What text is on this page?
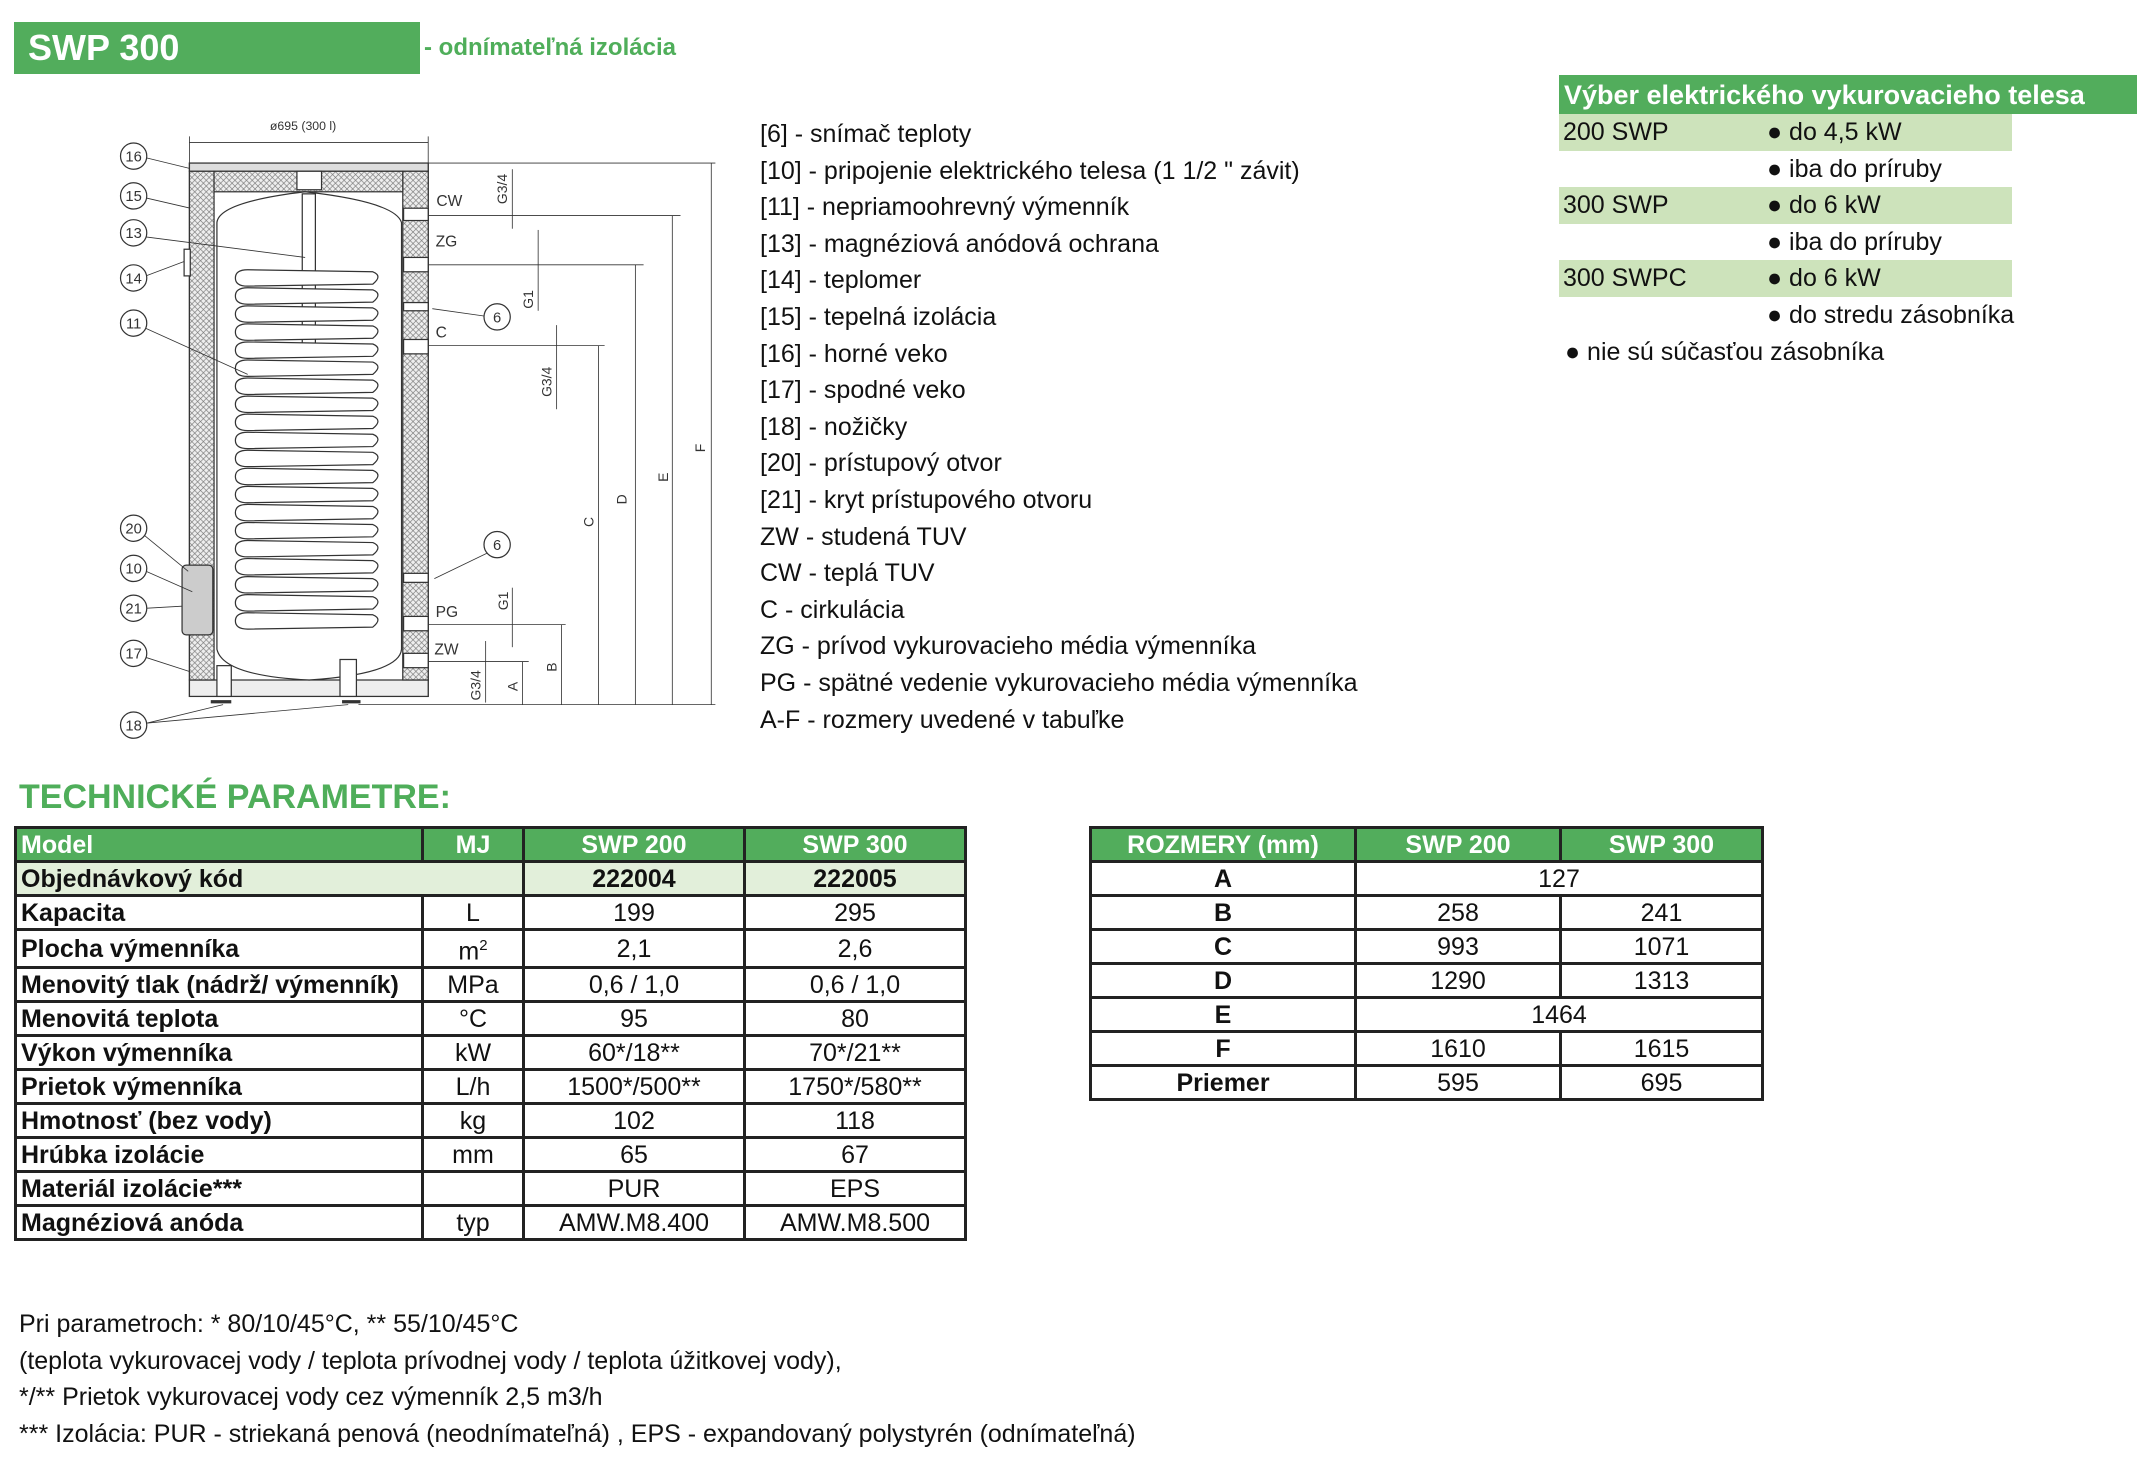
SWP 300	- odnímateľná izolácia
16
15
13
14
11
20
10
21
17
18
6
6
CW
ZG
C
PG
ZW
ø695 (300 l)
G3/4
G1
G3/4
G1
G3/4 A
B
C
D
E
F
[6] - snímač teploty
[10] - pripojenie elektrického telesa (1 1/2 " závit)
[11] - nepriamoohrevný výmenník
[13] - magnéziová anódová ochrana
[14] - teplomer
[15] - tepelná izolácia
[16] - horné veko
[17] - spodné veko
[18] - nožičky
[20] - prístupový otvor
[21] - kryt prístupového otvoru
ZW - studená TUV
CW - teplá TUV
C - cirkulácia
ZG - prívod vykurovacieho média výmenníka
PG - spätné vedenie vykurovacieho média výmenníka
A-F - rozmery uvedené v tabuľke
Výber elektrického vykurovacieho telesa
200 SWP	● do 4,5 kW
● iba do príruby
300 SWP	● do 6 kW
● iba do príruby
300 SWPC	● do 6 kW
● do stredu zásobníka
● nie sú súčasťou zásobníka
TECHNICKÉ PARAMETRE:
Model	MJ	SWP 200	SWP 300
Objednávkový kód		222004	222005
Kapacita	L	199	295
Plocha výmenníka	$m^2$	2,1	2,6
Menovitý tlak (nádrž/ výmenník)	MPa	0,6 / 1,0	0,6 / 1,0
Menovitá teplota	°C	95	80
Výkon výmenníka	kW	60*/18**	70*/21**
Prietok výmenníka	L/h	1500*/500**	1750*/580**
Hmotnosť (bez vody)	kg	102	118
Hrúbka izolácie	mm	65	67
Materiál izolácie***		PUR	EPS
Magnéziová anóda	typ	AMW.M8.400	AMW.M8.500
ROZMERY (mm)	SWP 200	SWP 300
A	127	
B	258	241
C	993	1071
D	1290	1313
E	1464	
F	1610	1615
Priemer	595	695
Pri parametroch: * 80/10/45°C, ** 55/10/45°C
(teplota vykurovacej vody / teplota prívodnej vody / teplota úžitkovej vody),
*/** Prietok vykurovacej vody cez výmenník 2,5 m3/h
*** Izolácia: PUR - striekaná penová (neodnímateľná) , EPS - expandovaný polystyrén (odnímateľná)
